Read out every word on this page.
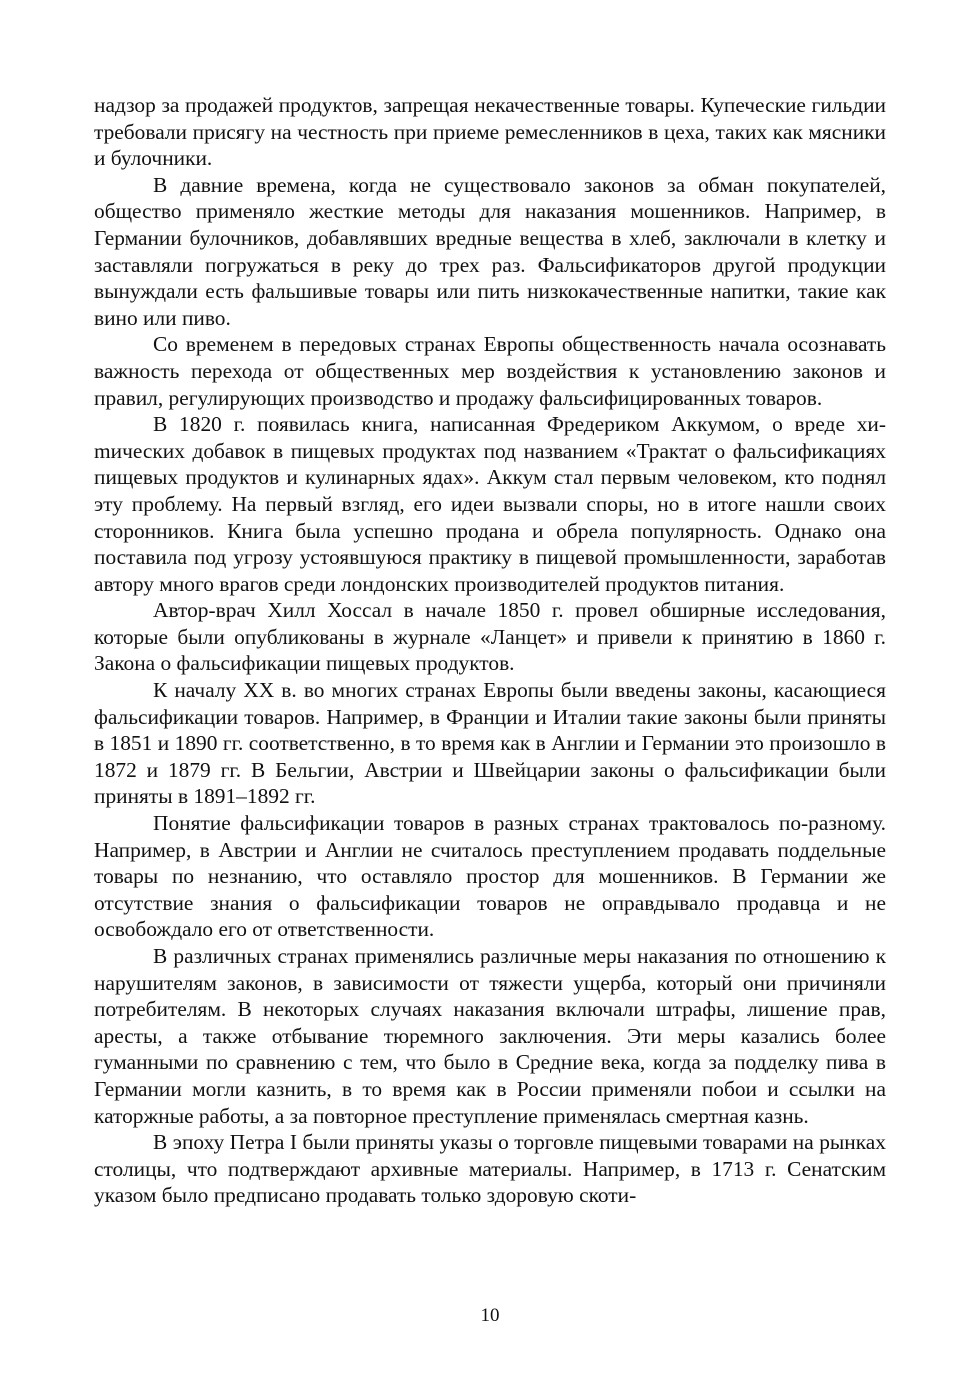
надзор за продажей продуктов, запрещая некачественные товары. Купеческие гильдии требовали присягу на честность при приеме ремесленников в цеха, таких как мясники и булочники.

В давние времена, когда не существовало законов за обман покупателей, общество применяло жесткие методы для наказания мошенников. Например, в Германии булочников, добавлявших вредные вещества в хлеб, заключали в клетку и заставляли погружаться в реку до трех раз. Фальсификаторов другой продукции вынуждали есть фальшивые товары или пить низкокачественные напитки, такие как вино или пиво.

Со временем в передовых странах Европы общественность начала осознавать важность перехода от общественных мер воздействия к установлению законов и правил, регулирующих производство и продажу фальсифицированных товаров.

В 1820 г. появилась книга, написанная Фредериком Аккумом, о вреде хиmических добавок в пищевых продуктах под названием «Трактат о фальсификациях пищевых продуктов и кулинарных ядах». Аккум стал первым человеком, кто поднял эту проблему. На первый взгляд, его идеи вызвали споры, но в итоге нашли своих сторонников. Книга была успешно продана и обрела популярность. Однако она поставила под угрозу устоявшуюся практику в пищевой промышленности, заработав автору много врагов среди лондонских производителей продуктов питания.

Автор-врач Хилл Хоссал в начале 1850 г. провел обширные исследования, которые были опубликованы в журнале «Ланцет» и привели к принятию в 1860 г. Закона о фальсификации пищевых продуктов.

К началу XX в. во многих странах Европы были введены законы, касающиеся фальсификации товаров. Например, в Франции и Италии такие законы были приняты в 1851 и 1890 гг. соответственно, в то время как в Англии и Германии это произошло в 1872 и 1879 гг. В Бельгии, Австрии и Швейцарии законы о фальсификации были приняты в 1891–1892 гг.

Понятие фальсификации товаров в разных странах трактовалось по-разному. Например, в Австрии и Англии не считалось преступлением продавать поддельные товары по незнанию, что оставляло простор для мошенников. В Германии же отсутствие знания о фальсификации товаров не оправдывало продавца и не освобождало его от ответственности.

В различных странах применялись различные меры наказания по отношению к нарушителям законов, в зависимости от тяжести ущерба, который они причиняли потребителям. В некоторых случаях наказания включали штрафы, лишение прав, аресты, а также отбывание тюремного заключения. Эти меры казались более гуманными по сравнению с тем, что было в Средние века, когда за подделку пива в Германии могли казнить, в то время как в России применяли побои и ссылки на каторжные работы, а за повторное преступление применялась смертная казнь.

В эпоху Петра I были приняты указы о торговле пищевыми товарами на рынках столицы, что подтверждают архивные материалы. Например, в 1713 г. Сенатским указом было предписано продавать только здоровую скоти-

10
